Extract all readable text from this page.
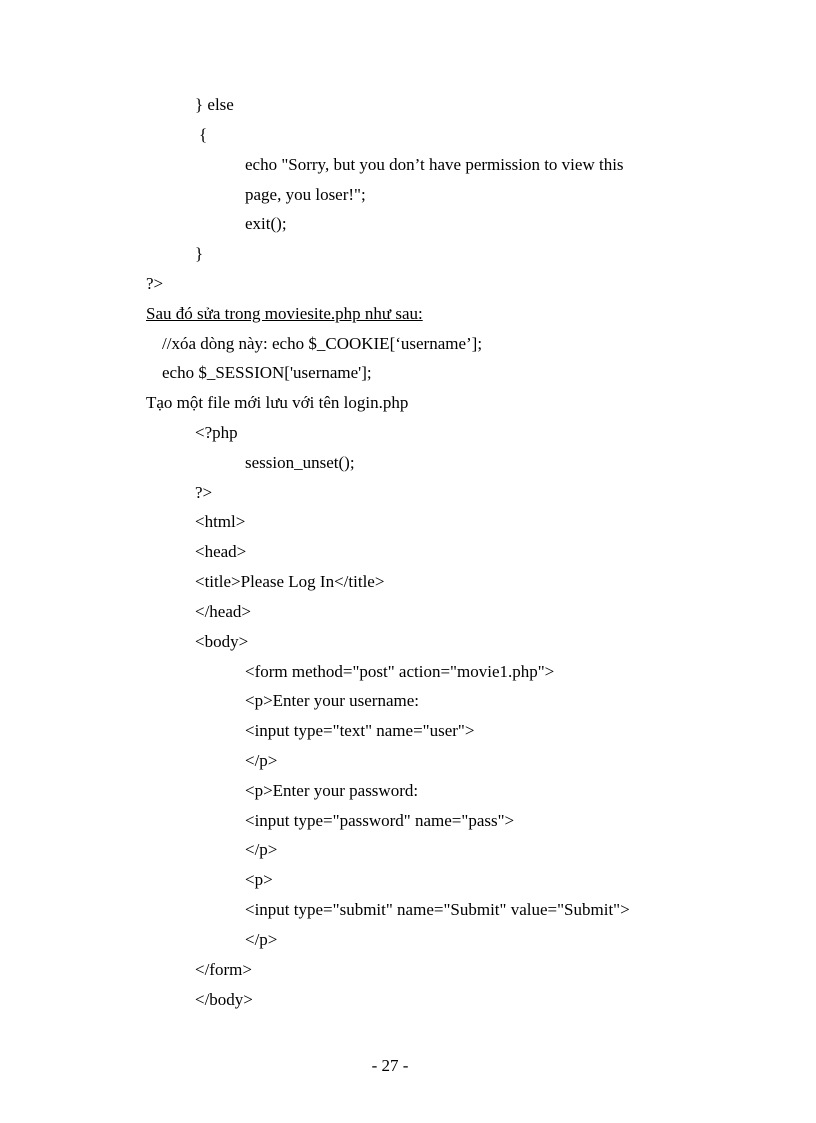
} else
{
echo "Sorry, but you don’t have permission to view this
page, you loser!";
exit();
}
?>
Sau đó sửa trong moviesite.php như sau:
//xóa dòng này: echo $_COOKIE[‘username’];
echo $_SESSION['username'];
Tạo một file mới lưu với tên login.php
<?php
session_unset();
?>
<html>
<head>
<title>Please Log In</title>
</head>
<body>
<form method="post" action="movie1.php">
<p>Enter your username:
<input type="text" name="user">
</p>
<p>Enter your password:
<input type="password" name="pass">
</p>
<p>
<input type="submit" name="Submit" value="Submit">
</p>
</form>
</body>
- 27 -
